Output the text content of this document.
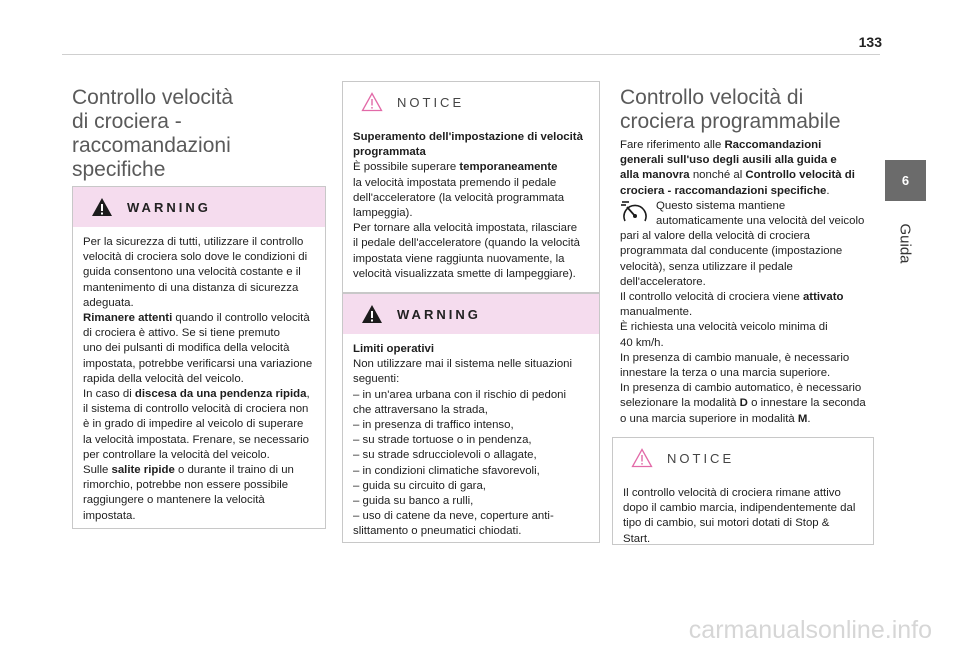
133
6
Guida
Controllo velocità
di crociera -
raccomandazioni
specifiche
WARNING
Per la sicurezza di tutti, utilizzare il controllo
velocità di crociera solo dove le condizioni di
guida consentono una velocità costante e il
mantenimento di una distanza di sicurezza
adeguata.
Rimanere attenti quando il controllo velocità
di crociera è attivo. Se si tiene premuto
uno dei pulsanti di modifica della velocità
impostata, potrebbe verificarsi una variazione
rapida della velocità del veicolo.
In caso di discesa da una pendenza ripida,
il sistema di controllo velocità di crociera non
è in grado di impedire al veicolo di superare
la velocità impostata. Frenare, se necessario
per controllare la velocità del veicolo.
Sulle salite ripide o durante il traino di un
rimorchio, potrebbe non essere possibile
raggiungere o mantenere la velocità
impostata.
NOTICE
Superamento dell'impostazione di velocità
programmata
È possibile superare temporaneamente
la velocità impostata premendo il pedale
dell'acceleratore (la velocità programmata
lampeggia).
Per tornare alla velocità impostata, rilasciare
il pedale dell'acceleratore (quando la velocità
impostata viene raggiunta nuovamente, la
velocità visualizzata smette di lampeggiare).
WARNING
Limiti operativi
Non utilizzare mai il sistema nelle situazioni
seguenti:
– in un'area urbana con il rischio di pedoni
che attraversano la strada,
– in presenza di traffico intenso,
– su strade tortuose o in pendenza,
– su strade sdrucciolevoli o allagate,
– in condizioni climatiche sfavorevoli,
– guida su circuito di gara,
– guida su banco a rulli,
– uso di catene da neve, coperture anti-
slittamento o pneumatici chiodati.
Controllo velocità di
crociera programmabile
Fare riferimento alle Raccomandazioni
generali sull'uso degli ausili alla guida e
alla manovra nonché al Controllo velocità di
crociera - raccomandazioni specifiche.
Questo sistema mantiene
automaticamente una velocità del veicolo
pari al valore della velocità di crociera
programmata dal conducente (impostazione
velocità), senza utilizzare il pedale
dell'acceleratore.
Il controllo velocità di crociera viene attivato
manualmente.
È richiesta una velocità veicolo minima di
40 km/h.
In presenza di cambio manuale, è necessario
innestare la terza o una marcia superiore.
In presenza di cambio automatico, è necessario
selezionare la modalità D o innestare la seconda
o una marcia superiore in modalità M.
NOTICE
Il controllo velocità di crociera rimane attivo
dopo il cambio marcia, indipendentemente dal
tipo di cambio, sui motori dotati di Stop &
Start.
carmanualsonline.info
